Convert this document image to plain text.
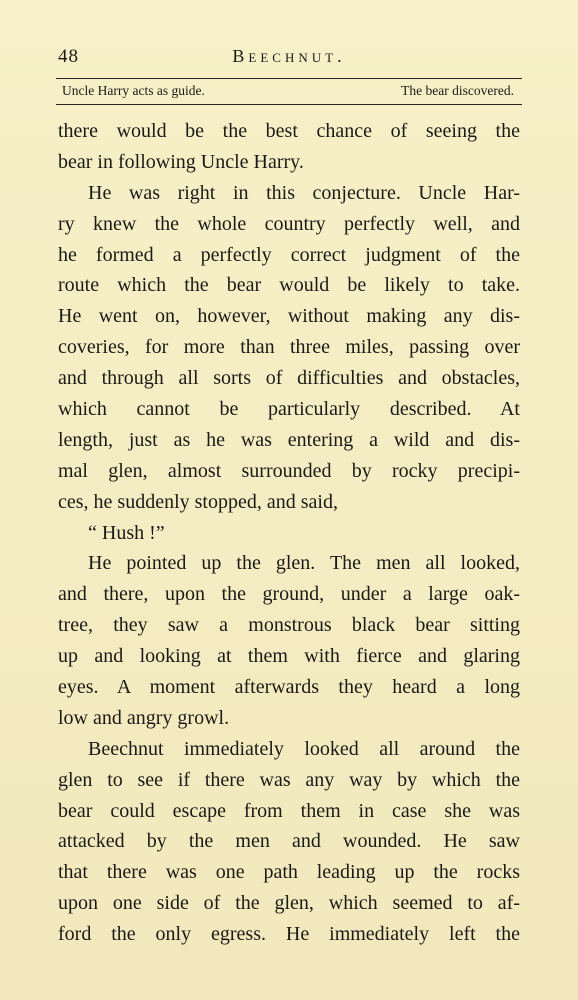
48	Beechnut.
Uncle Harry acts as guide.	The bear discovered.
there would be the best chance of seeing the
bear in following Uncle Harry.
He was right in this conjecture. Uncle Har-
ry knew the whole country perfectly well, and
he formed a perfectly correct judgment of the
route which the bear would be likely to take.
He went on, however, without making any dis-
coveries, for more than three miles, passing over
and through all sorts of difficulties and obstacles,
which cannot be particularly described. At
length, just as he was entering a wild and dis-
mal glen, almost surrounded by rocky precipi-
ces, he suddenly stopped, and said,
“ Hush !”
He pointed up the glen. The men all looked,
and there, upon the ground, under a large oak-
tree, they saw a monstrous black bear sitting
up and looking at them with fierce and glaring
eyes. A moment afterwards they heard a long
low and angry growl.
Beechnut immediately looked all around the
glen to see if there was any way by which the
bear could escape from them in case she was
attacked by the men and wounded. He saw
that there was one path leading up the rocks
upon one side of the glen, which seemed to af-
ford the only egress. He immediately left the
